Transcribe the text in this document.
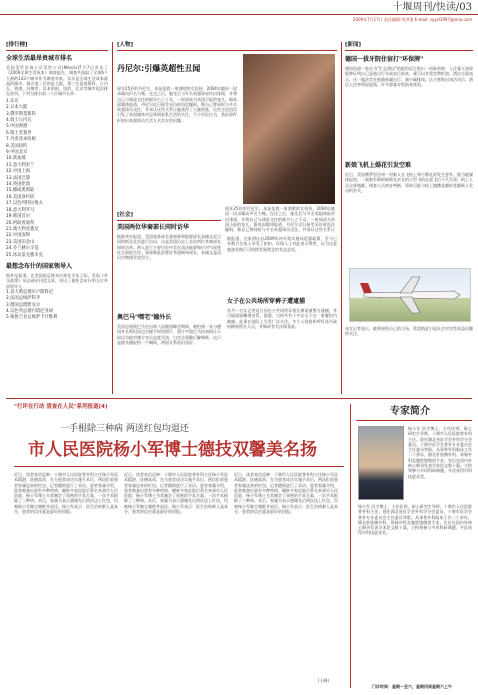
十堰周刊/快读/03
2009年7月17日 责任编辑:李洪强 E-mail: syyzl1997@sina.com
[排行榜]
全球生活最昂贵城市排名
美国美世咨询公司美世公司(Mercer)7月7日发布了《2009全球生活成本》调查报告，调查共选取了全球6个大洲的143个城市作为调查对象。东京是全球生活成本最高的城市，排名第二位的是大阪，第三位是莫斯科，日内瓦、香港、苏黎世、哥本哈根、纽约、北京等城市依次排在前列。下列为排名前二十位城市名单：
1.东京
2.日本大阪
3.俄罗斯莫斯科
4.瑞士日内瓦
5.中国香港
6.瑞士苏黎世
7.丹麦哥本哈根
8.美国纽约
9.中国北京
10.新加坡
11.意大利米兰
12.中国上海
13.法国巴黎
14.英国伦敦
15.挪威奥斯陆
16.美国洛杉矶
17.以色列特拉维夫
18.意大利罗马
19.韩国首尔
20.阿联酋迪拜
21.澳大利亚悉尼
22.中国深圳
23.美国旧金山
24.芬兰赫尔辛基
25.冰岛雷克雅未克
最想念布什的国家领导人
据外电报道，在美国前总统布什卸任半年之际，美国《外交政策》杂志网站刊登文章，评出了最怀念布什的五位外国领导人：
1.意大利总理贝卢斯科尼
2.法国总统萨科齐
3.德国总理默克尔
4.以色列总理内塔尼亚胡
5.格鲁吉亚总统萨卡什维利
[人物]
丹尼尔:引爆英超性丑闻
现年25岁的丹尼尔，本是伦敦一家酒吧的女招待，2004年她因一段录像而声名大噪。在这之后，她先后与多名英超球星传出绯闻，并将自己与球星交往的细节公之于众，一时间成为英国小报的宠儿。据英国媒体报道，丹尼尔近日接受采访时再次爆料，称自己曾同时与多名英超球员交往，并承认这些关系让她获得了大量财富。这些言论再次引发了英国媒体对足球明星私生活的关注，不少评论认为，类似事件折射出英超球员生活方式存在的问题。
现年25岁的丹尼尔，本是伦敦一家酒吧的女招待，2004年她因一段录像而声名大噪。在这之后，她先后与多名英超球星传出绯闻，并将自己与球星交往的细节公之于众，一时间成为英国小报的宠儿。据英国媒体报道，丹尼尔近日接受采访时再次爆料，称自己曾同时与多名英超球员交往，并承认这些关系让
[社会]
美国两位华裔部长同时访华
据新华社报道，美国商务部长骆家辉和能源部长朱棣文近日同时抵达北京进行访问，这是美国历史上首次两位华裔部长同时访华。两人此行主要讨论中美在清洁能源和应对气候变化方面的合作。骆家辉此前曾任华盛顿州州长，朱棣文是诺贝尔物理学奖得主。
奥巴马"嘿宅"德外长
美国总统奥巴马在出席八国集团峰会期间，被拍到一张与德国外长斯坦因迈尔握手时的照片，照片中奥巴马的表情让人误以为他对德方官员态度冷淡。白宫方面随后解释称，这只是镜头捕捉的一个瞬间，两国关系依旧良好。
据报道，这家酒店自2009年初开始实施该优惠政策，至今已有数百名客人享受了折扣。环保人士对此表示赞赏，认为这是旅游业践行可持续发展理念的有益尝试。
女子在公共场所穿裤子遭逮捕
苏丹一名女记者近日因在公共场所穿着长裤而被警方逮捕，并可能面临鞭刑处罚。据悉，当时共有十多名女子在一家餐馆内被捕。此事在国际上引发广泛关注，多个人权组织呼吁苏丹政府释放相关人员，并修改有关法律条款。
[新闻]
德国一拔牙院住宿打"环保牌"
德国西部一家名为"生态酒店"的旅馆近日推出一项新举措：入住客人如果能够证明自己是骑自行车或步行前来，就可以享受房费折扣。酒店方面表示，这一做法旨在鼓励低碳出行，减少碳排放。店主称推出该活动后，酒店入住率明显提高，许多游客专程前来体验。
新娘飞机上婚花引发空难
近日，美国佛罗里达州一对新人在飞机上举行婚礼时发生意外。据当地媒体报道，一架载有新郎新娘及亲友的小型飞机在起飞后不久失事，机上人员全部遇难。调查人员初步判断，事故可能与机上抛撒花瓣时花瓣吸入发动机有关。
该女记者表示，她将坚持自己的立场，希望借此引起社会对女性权益问题的关注。
"行评在行动 清查在人民"系列报道(4)
一手根除三种病 两送红包均退还
市人民医院杨小军博士德技双馨美名扬
近日，读者来信反映：十堰市人民医院普外科主任杨小军医术精湛、医德高尚，在为患者成功实施手术后，两次拒收患者家属送来的红包。记者随即进行了采访。患者家属介绍，患者被查出患有多种疾病，辗转多家医院后慕名来到市人民医院，杨小军博士为其制定了周密的手术方案，一次手术根除了三种病。术后，家属为表示感谢先后两次送上红包，均被杨小军婉言谢绝并退还。杨小军表示：医生治病救人是本分，患者的信任就是最好的回报。
近日，读者来信反映：十堰市人民医院普外科主任杨小军医术精湛、医德高尚，在为患者成功实施手术后，两次拒收患者家属送来的红包。记者随即进行了采访。患者家属介绍，患者被查出患有多种疾病，辗转多家医院后慕名来到市人民医院，杨小军博士为其制定了周密的手术方案，一次手术根除了三种病。术后，家属为表示感谢先后两次送上红包，均被杨小军婉言谢绝并退还。杨小军表示：医生治病救人是本分，患者的信任就是最好的回报。
近日，读者来信反映：十堰市人民医院普外科主任杨小军医术精湛、医德高尚，在为患者成功实施手术后，两次拒收患者家属送来的红包。记者随即进行了采访。患者家属介绍，患者被查出患有多种疾病，辗转多家医院后慕名来到市人民医院，杨小军博士为其制定了周密的手术方案，一次手术根除了三种病。术后，家属为表示感谢先后两次送上红包，均被杨小军婉言谢绝并退还。杨小军表示：医生治病救人是本分，患者的信任就是最好的回报。
(王峰)
专家简介
杨小军 医学博士，主任医师，硕士研究生导师，十堰市人民医院普外科主任。现任湖北省医学会外科学分会委员、十堰市医学会普外专业委员会主任委员等职。从事普外科临床工作二十余年，擅长肝胆胰外科、胃肠外科及腹腔镜微创手术，先后在国内外核心期刊发表学术论文数十篇，主持和参与多项科研课题，多次获得市科技进步奖。
杨小军 医学博士，主任医师，硕士研究生导师，十堰市人民医院普外科主任。现任湖北省医学会外科学分会委员、十堰市医学会普外专业委员会主任委员等职。从事普外科临床工作二十余年，擅长肝胆胰外科、胃肠外科及腹腔镜微创手术，先后在国内外核心期刊发表学术论文数十篇，主持和参与多项科研课题，多次获得市科技进步奖。
门诊时间：星期一至六，星期四到星期六上午
